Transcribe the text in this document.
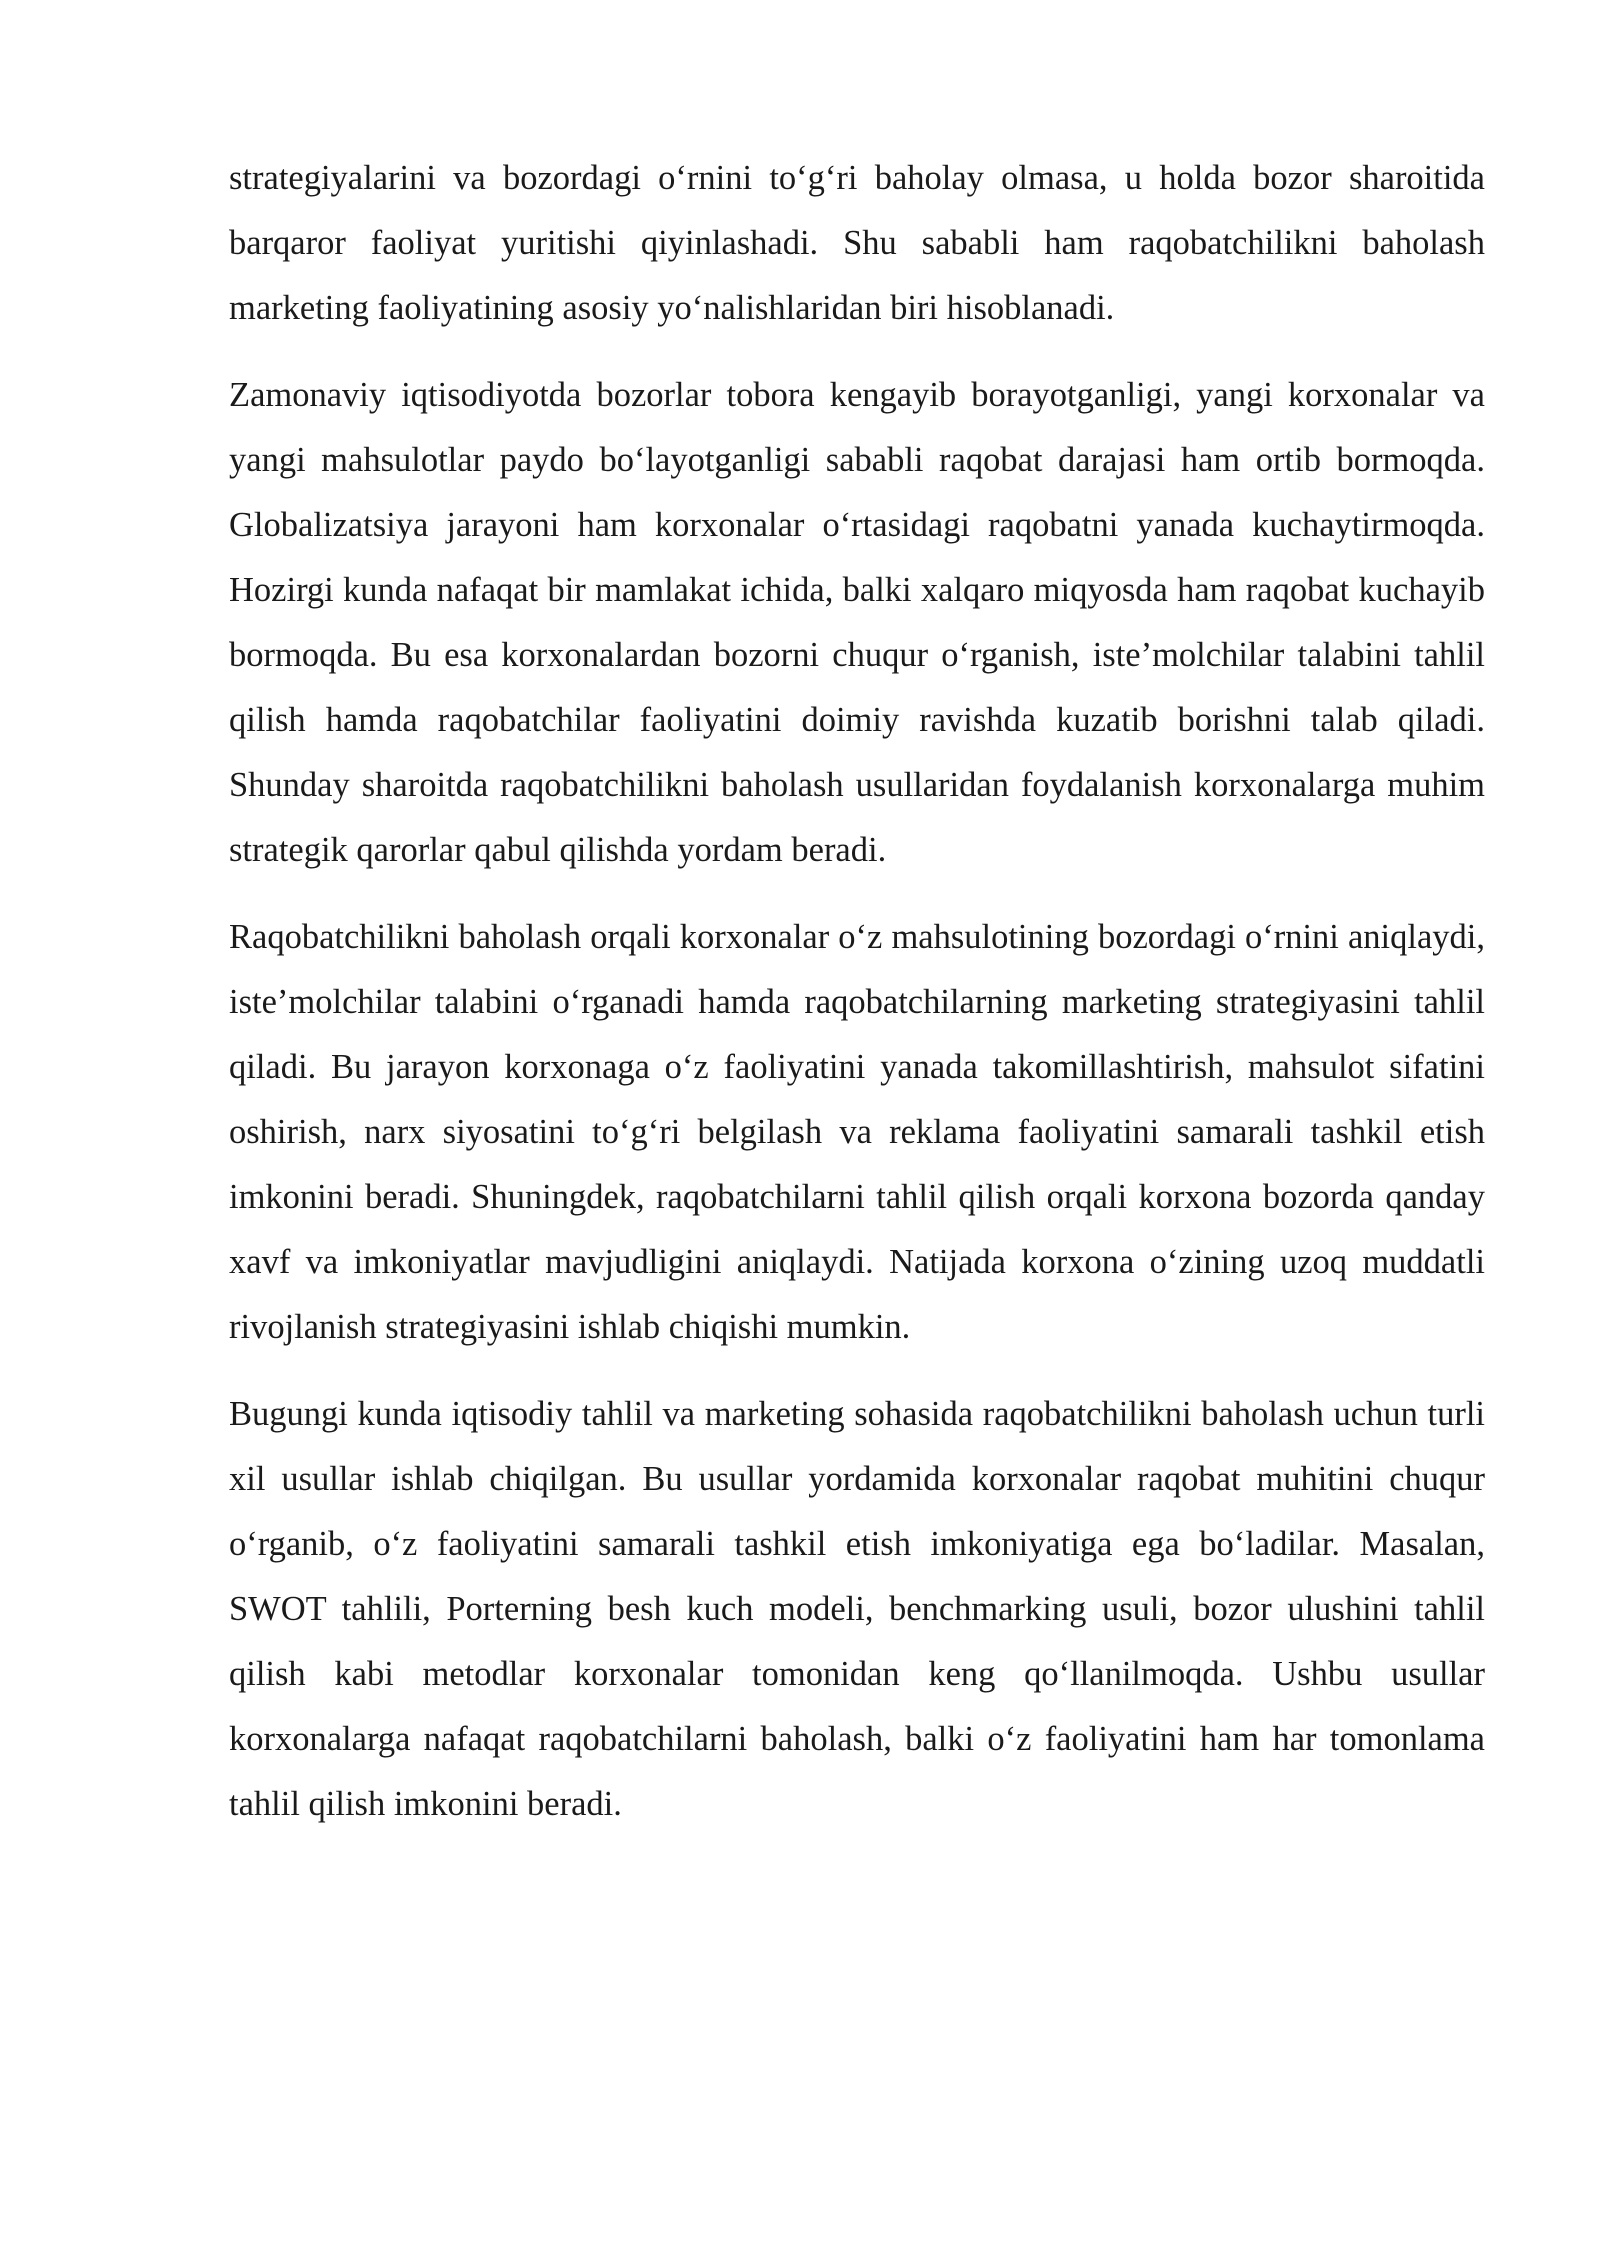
strategiyalarini va bozordagi o‘rnini to‘g‘ri baholay olmasa, u holda bozor sharoitida barqaror faoliyat yuritishi qiyinlashadi. Shu sababli ham raqobatchilikni baholash marketing faoliyatining asosiy yo‘nalishlaridan biri hisoblanadi.

Zamonaviy iqtisodiyotda bozorlar tobora kengayib borayotganligi, yangi korxonalar va yangi mahsulotlar paydo bo‘layotganligi sababli raqobat darajasi ham ortib bormoqda. Globalizatsiya jarayoni ham korxonalar o‘rtasidagi raqobatni yanada kuchaytirmoqda. Hozirgi kunda nafaqat bir mamlakat ichida, balki xalqaro miqyosda ham raqobat kuchayib bormoqda. Bu esa korxonalardan bozorni chuqur o‘rganish, iste’molchilar talabini tahlil qilish hamda raqobatchilar faoliyatini doimiy ravishda kuzatib borishni talab qiladi. Shunday sharoitda raqobatchilikni baholash usullaridan foydalanish korxonalarga muhim strategik qarorlar qabul qilishda yordam beradi.

Raqobatchilikni baholash orqali korxonalar o‘z mahsulotining bozordagi o‘rnini aniqlaydi, iste’molchilar talabini o‘rganadi hamda raqobatchilarning marketing strategiyasini tahlil qiladi. Bu jarayon korxonaga o‘z faoliyatini yanada takomillashtirish, mahsulot sifatini oshirish, narx siyosatini to‘g‘ri belgilash va reklama faoliyatini samarali tashkil etish imkonini beradi. Shuningdek, raqobatchilarni tahlil qilish orqali korxona bozorda qanday xavf va imkoniyatlar mavjudligini aniqlaydi. Natijada korxona o‘zining uzoq muddatli rivojlanish strategiyasini ishlab chiqishi mumkin.

Bugungi kunda iqtisodiy tahlil va marketing sohasida raqobatchilikni baholash uchun turli xil usullar ishlab chiqilgan. Bu usullar yordamida korxonalar raqobat muhitini chuqur o‘rganib, o‘z faoliyatini samarali tashkil etish imkoniyatiga ega bo‘ladilar. Masalan, SWOT tahlili, Porterning besh kuch modeli, benchmarking usuli, bozor ulushini tahlil qilish kabi metodlar korxonalar tomonidan keng qo‘llanilmoqda. Ushbu usullar korxonalarga nafaqat raqobatchilarni baholash, balki o‘z faoliyatini ham har tomonlama tahlil qilish imkonini beradi.
